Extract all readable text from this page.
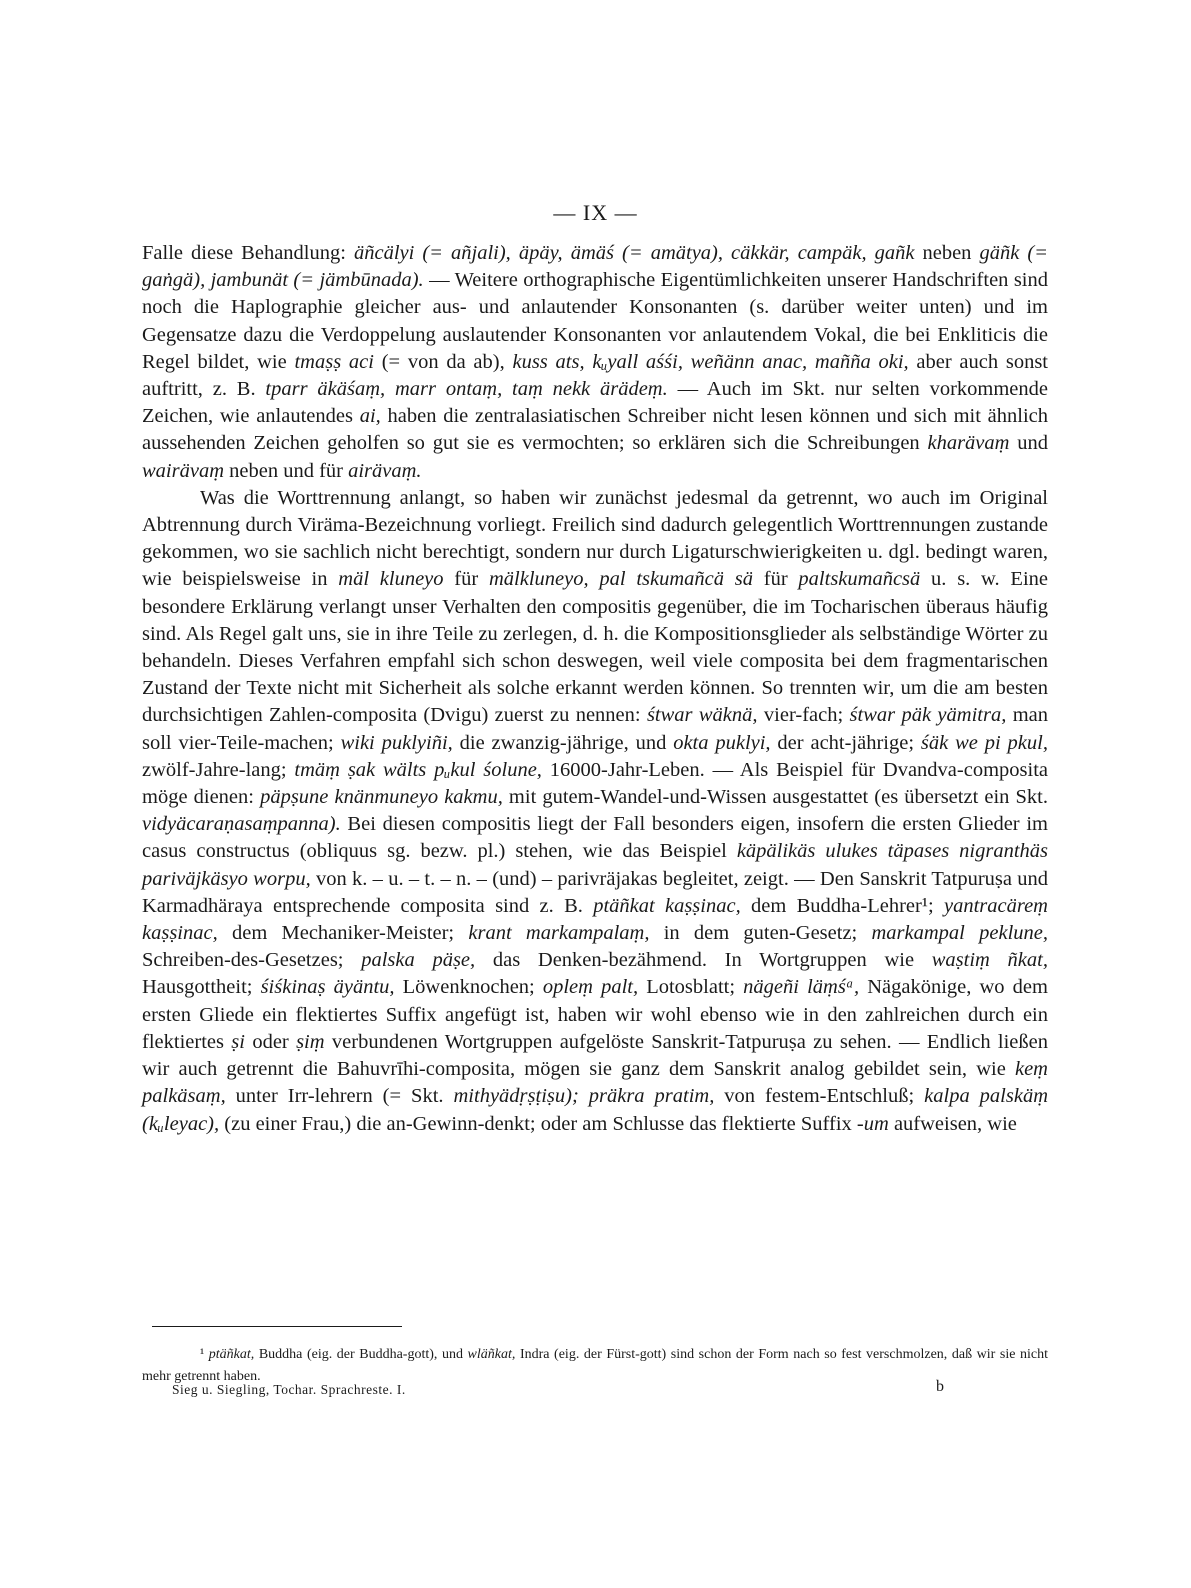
— IX —

Falle diese Behandlung: äñcälyi (= añjali), äpäy, ämäś (= amätya), cäkkär, campäk, gañk neben gäñk (= gaṅgä), jambunät (= jämbūnada). — Weitere orthographische Eigentümlichkeiten unserer Handschriften sind noch die Haplographie gleicher aus- und anlautender Konsonanten (s. darüber weiter unten) und im Gegensatze dazu die Verdoppelung auslautender Konsonanten vor anlautendem Vokal, die bei Enkliticis die Regel bildet, wie tmaṣṣ aci (= von da ab), kuss ats, kᵤyall aśśi, weñänn anac, mañña oki, aber auch sonst auftritt, z. B. tparr äkäśaṃ, marr ontaṃ, taṃ nekk ärädeṃ. — Auch im Skt. nur selten vorkommende Zeichen, wie anlautendes ai, haben die zentralasiatischen Schreiber nicht lesen können und sich mit ähnlich aussehenden Zeichen geholfen so gut sie es vermochten; so erklären sich die Schreibungen kharävaṃ und wairävaṃ neben und für airävaṃ.

Was die Worttrennung anlangt, so haben wir zunächst jedesmal da getrennt, wo auch im Original Abtrennung durch Viräma-Bezeichnung vorliegt. Freilich sind dadurch gelegentlich Worttrennungen zustande gekommen, wo sie sachlich nicht berechtigt, sondern nur durch Ligaturschwierigkeiten u. dgl. bedingt waren, wie beispielsweise in mäl kluneyo für mälkluneyo, pal tskumañcä sä für paltskumañcsä u. s. w. Eine besondere Erklärung verlangt unser Verhalten den compositis gegenüber, die im Tocharischen überaus häufig sind. Als Regel galt uns, sie in ihre Teile zu zerlegen, d. h. die Kompositionsglieder als selbständige Wörter zu behandeln. Dieses Verfahren empfahl sich schon deswegen, weil viele composita bei dem fragmentarischen Zustand der Texte nicht mit Sicherheit als solche erkannt werden können. So trennten wir, um die am besten durchsichtigen Zahlen-composita (Dvigu) zuerst zu nennen: śtwar wäknä, vier-fach; śtwar päk yämitra, man soll vier-Teile-machen; wiki puklyiñi, die zwanzig-jährige, und okta puklyi, der acht-jährige; śäk we pi pkul, zwölf-Jahre-lang; tmäṃ ṣak wälts pᵤkul śolune, 16000-Jahr-Leben. — Als Beispiel für Dvandva-composita möge dienen: päpṣune knänmuneyo kakmu, mit gutem-Wandel-und-Wissen ausgestattet (es übersetzt ein Skt. vidyäcaraṇasaṃpanna). Bei diesen compositis liegt der Fall besonders eigen, insofern die ersten Glieder im casus constructus (obliquus sg. bezw. pl.) stehen, wie das Beispiel käpälikäs ulukes täpases nigranthäs pariväjkäsyo worpu, von k. – u. – t. – n. – (und) – parivräjakas begleitet, zeigt. — Den Sanskrit Tatpuruṣa und Karmadhäraya entsprechende composita sind z. B. ptäñkat kaṣṣinac, dem Buddha-Lehrer¹; yantracäreṃ kaṣṣinac, dem Mechaniker-Meister; krant markampalaṃ, in dem guten-Gesetz; markampal peklune, Schreiben-des-Gesetzes; palska päṣe, das Denken-bezähmend. In Wortgruppen wie waṣtiṃ ñkat, Hausgottheit; śiśkinaṣ äyäntu, Löwenknochen; opleṃ palt, Lotosblatt; nägeñi läṃśᵃ, Nägakönige, wo dem ersten Gliede ein flektiertes Suffix angefügt ist, haben wir wohl ebenso wie in den zahlreichen durch ein flektiertes ṣi oder ṣiṃ verbundenen Wortgruppen aufgelöste Sanskrit-Tatpuruṣa zu sehen. — Endlich ließen wir auch getrennt die Bahuvrīhi-composita, mögen sie ganz dem Sanskrit analog gebildet sein, wie keṃ palkäsaṃ, unter Irr-lehrern (= Skt. mithyädṛṣṭiṣu); präkra pratim, von festem-Entschluß; kalpa palskäṃ (kᵤleyac), (zu einer Frau,) die an-Gewinn-denkt; oder am Schlusse das flektierte Suffix -um aufweisen, wie

¹ ptäñkat, Buddha (eig. der Buddha-gott), und wläñkat, Indra (eig. der Fürst-gott) sind schon der Form nach so fest verschmolzen, daß wir sie nicht mehr getrennt haben.

Sieg u. Siegling, Tochar. Sprachreste. I.	b
